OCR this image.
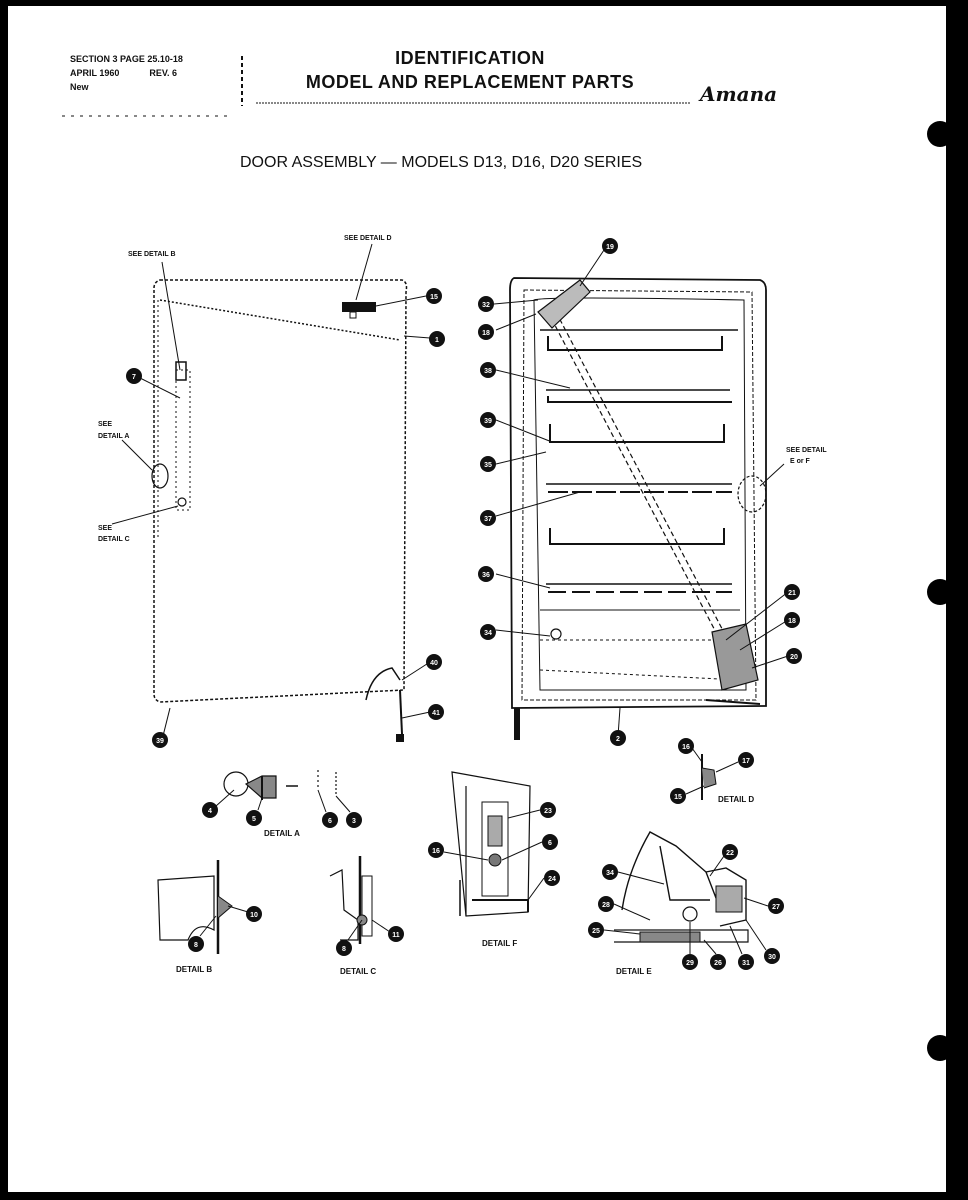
SECTION 3 PAGE 25.10-18
APRIL 1960	REV. 6
New
IDENTIFICATION
MODEL AND REPLACEMENT PARTS	Amana
DOOR ASSEMBLY — MODELS D13, D16, D20 SERIES
SEE DETAIL B
SEE DETAIL D
SEE
DETAIL A
SEE
DETAIL C
SEE DETAIL
E or F
DETAIL A
DETAIL B	DETAIL C
DETAIL D
DETAIL E
DETAIL F
15
1
7
40
41
39
19
32
18
38
39
35
37
36
34
2
21
18
20
4
5	6	3
10
8
8
11
23
16
6
24
16
17
15
22
34
28	27
25
29	26	31
30
